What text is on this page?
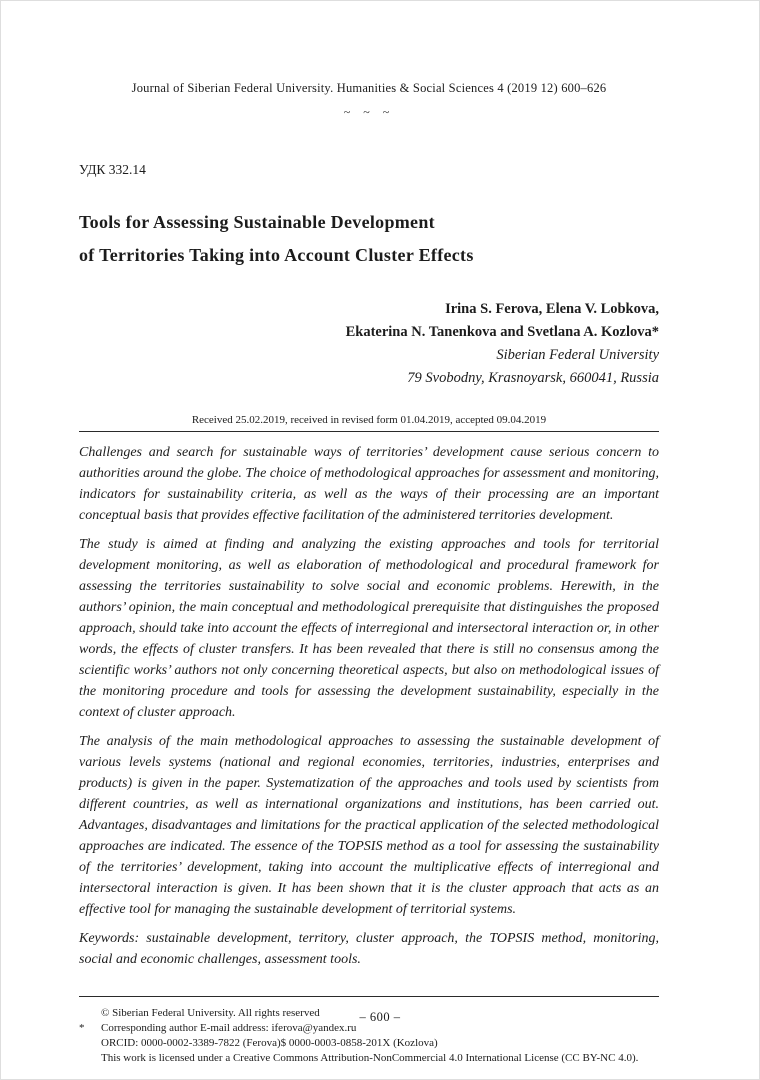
Journal of Siberian Federal University. Humanities & Social Sciences 4 (2019 12) 600–626
~ ~ ~
УДК 332.14
Tools for Assessing Sustainable Development
of Territories Taking into Account Cluster Effects
Irina S. Ferova, Elena V. Lobkova,
Ekaterina N. Tanenkova and Svetlana A. Kozlova*
Siberian Federal University
79 Svobodny, Krasnoyarsk, 660041, Russia
Received 25.02.2019, received in revised form 01.04.2019, accepted 09.04.2019

Challenges and search for sustainable ways of territories’ development cause serious concern to authorities around the globe. The choice of methodological approaches for assessment and monitoring, indicators for sustainability criteria, as well as the ways of their processing are an important conceptual basis that provides effective facilitation of the administered territories development.

The study is aimed at finding and analyzing the existing approaches and tools for territorial development monitoring, as well as elaboration of methodological and procedural framework for assessing the territories sustainability to solve social and economic problems. Herewith, in the authors’ opinion, the main conceptual and methodological prerequisite that distinguishes the proposed approach, should take into account the effects of interregional and intersectoral interaction or, in other words, the effects of cluster transfers. It has been revealed that there is still no consensus among the scientific works’ authors not only concerning theoretical aspects, but also on methodological issues of the monitoring procedure and tools for assessing the development sustainability, especially in the context of cluster approach.

The analysis of the main methodological approaches to assessing the sustainable development of various levels systems (national and regional economies, territories, industries, enterprises and products) is given in the paper. Systematization of the approaches and tools used by scientists from different countries, as well as international organizations and institutions, has been carried out. Advantages, disadvantages and limitations for the practical application of the selected methodological approaches are indicated. The essence of the TOPSIS method as a tool for assessing the sustainability of the territories’ development, taking into account the multiplicative effects of interregional and intersectoral interaction is given. It has been shown that it is the cluster approach that acts as an effective tool for managing the sustainable development of territorial systems.

Keywords: sustainable development, territory, cluster approach, the TOPSIS method, monitoring, social and economic challenges, assessment tools.

© Siberian Federal University. All rights reserved
*	Corresponding author E-mail address: iferova@yandex.ru
ORCID: 0000-0002-3389-7822 (Ferova)$ 0000-0003-0858-201X (Kozlova)
This work is licensed under a Creative Commons Attribution-NonCommercial 4.0 International License (CC BY-NC 4.0).
– 600 –
